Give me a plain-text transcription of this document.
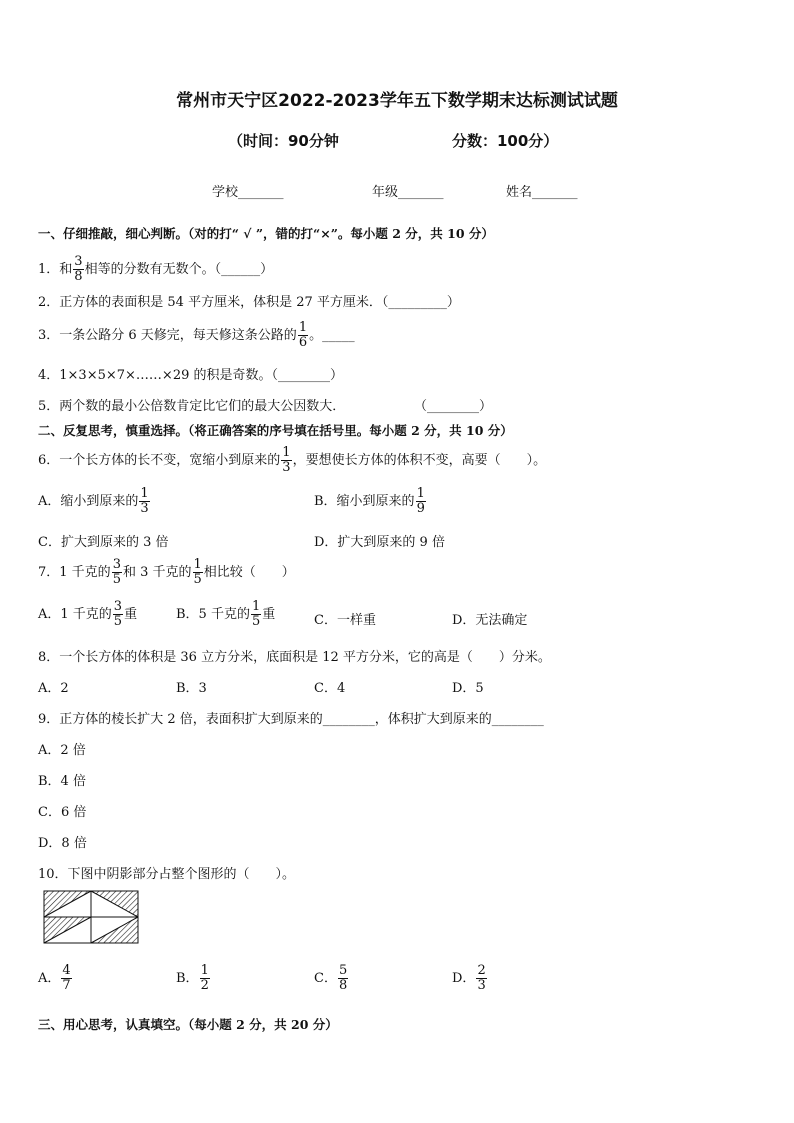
常州市天宁区2022-2023学年五下数学期末达标测试试题
（时间：90分钟	分数：100分）
学校_______	年级_______	姓名_______
一、仔细推敲，细心判断。（对的打“ √ ”，错的打“×”。每小题 2 分，共 10 分）
1．和 $\frac{3}{8}$ 相等的分数有无数个。（______）
2．正方体的表面积是 54 平方厘米，体积是 27 平方厘米．（_________）
3．一条公路分 6 天修完，每天修这条公路的 $\frac{1}{6}$ 。_____
4．1×3×5×7×……×29 的积是奇数。（________）
5．两个数的最小公倍数肯定比它们的最大公因数大．	（________）
二、反复思考，慎重选择。（将正确答案的序号填在括号里。每小题 2 分，共 10 分）
6．一个长方体的长不变，宽缩小到原来的 $\frac{1}{3}$ ，要想使长方体的体积不变，高要（　　）。
A．缩小到原来的 $\frac{1}{3}$	B．缩小到原来的 $\frac{1}{9}$
C．扩大到原来的 3 倍	D．扩大到原来的 9 倍
7．1 千克的 $\frac{3}{5}$ 和 3 千克的 $\frac{1}{5}$ 相比较（　　）
A．1 千克的 $\frac{3}{5}$ 重	B．5 千克的 $\frac{1}{5}$ 重	C．一样重	D．无法确定
8．一个长方体的体积是 36 立方分米，底面积是 12 平方分米，它的高是（　　）分米。
A．2	B．3	C．4	D．5
9．正方体的棱长扩大 2 倍，表面积扩大到原来的________，体积扩大到原来的________
A．2 倍
B．4 倍
C．6 倍
D．8 倍
10．下图中阴影部分占整个图形的（　　）。
A． $\frac{4}{7}$	B． $\frac{1}{2}$	C． $\frac{5}{8}$	D． $\frac{2}{3}$
三、用心思考，认真填空。（每小题 2 分，共 20 分）
